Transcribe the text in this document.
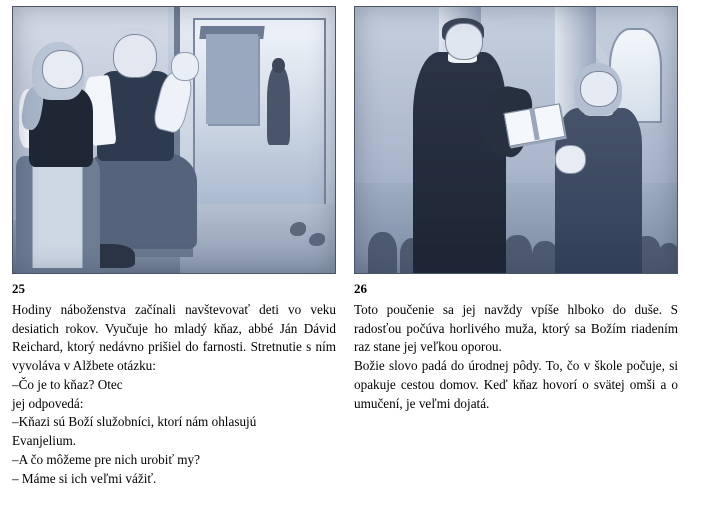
25

Hodiny náboženstva začínali navštevovať deti vo veku desiatich rokov. Vyučuje ho mladý kňaz, abbé Ján Dávid Reichard, ktorý nedávno prišiel do farnosti. Stretnutie s ním vyvoláva v Alžbete otázku:

–Čo je to kňaz? Otec

jej odpovedá:

–Kňazi sú Boží služobníci, ktorí nám ohlasujú

Evanjelium.

–A čo môžeme pre nich urobiť my?

– Máme si ich veľmi vážiť.

26

Toto poučenie sa jej navždy vpíše hlboko do duše. S radosťou počúva horlivého muža, ktorý sa Božím riadením raz stane jej veľkou oporou.

Božie slovo padá do úrodnej pôdy. To, čo v škole počuje, si opakuje cestou domov. Keď kňaz hovorí o svätej omši a o umučení, je veľmi dojatá.
